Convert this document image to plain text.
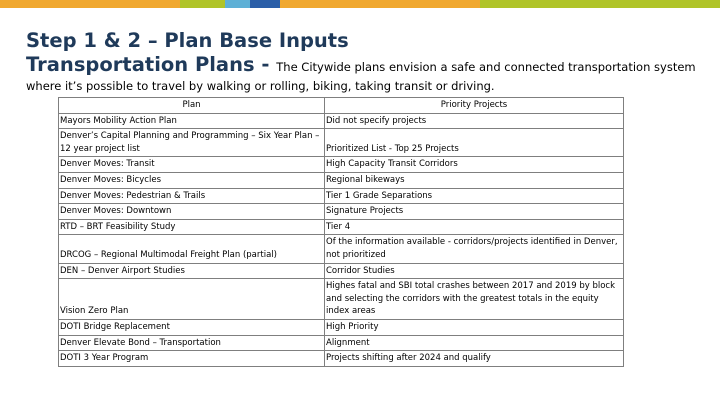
Step 1 & 2 – Plan Base Inputs
Transportation Plans - The Citywide plans envision a safe and connected transportation system
where it’s possible to travel by walking or rolling, biking, taking transit or driving.
Plan	Priority Projects
Mayors Mobility Action Plan	Did not specify projects
Denver’s Capital Planning and Programming – Six Year Plan – 12 year project list	Prioritized List - Top 25 Projects
Denver Moves: Transit	High Capacity Transit Corridors
Denver Moves: Bicycles	Regional bikeways
Denver Moves: Pedestrian & Trails	Tier 1 Grade Separations
Denver Moves: Downtown	Signature Projects
RTD – BRT Feasibility Study	Tier 4
DRCOG – Regional Multimodal Freight Plan (partial)	Of the information available - corridors/projects identified in Denver, not prioritized
DEN – Denver Airport Studies	Corridor Studies
Vision Zero Plan	Highes fatal and SBI total crashes between 2017 and 2019 by block and selecting the corridors with the greatest totals in the equity index areas
DOTI Bridge Replacement	High Priority
Denver Elevate Bond – Transportation	Alignment
DOTI 3 Year Program	Projects shifting after 2024 and qualify
